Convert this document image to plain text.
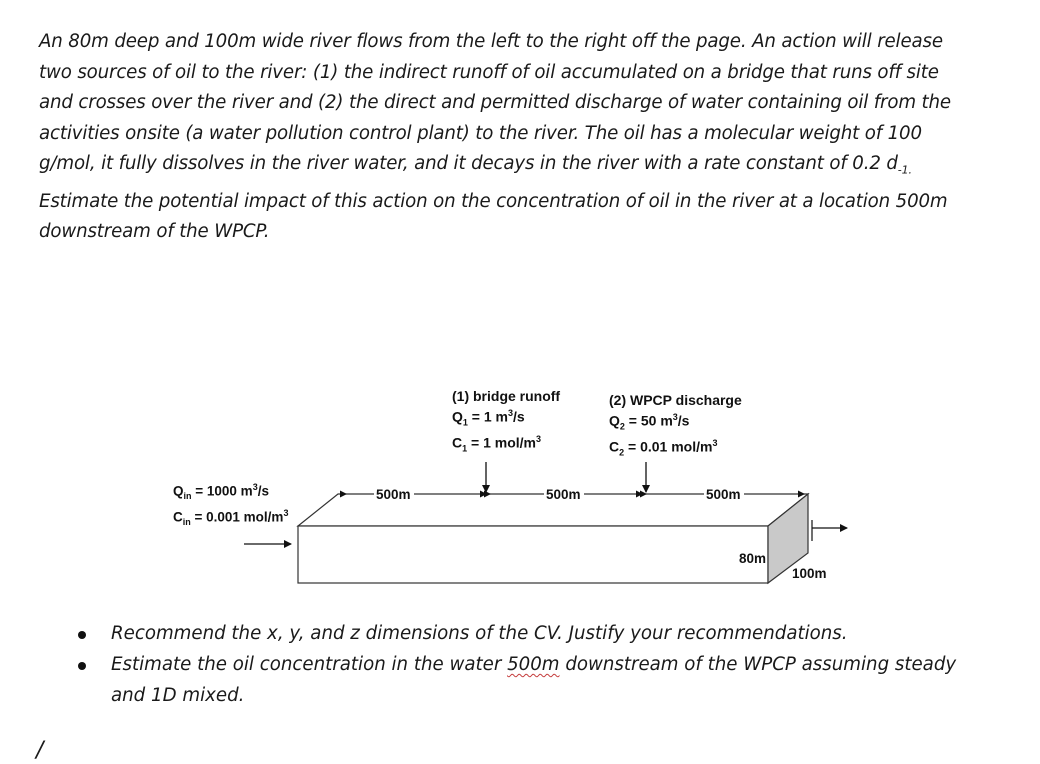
An 80m deep and 100m wide river flows from the left to the right off the page. An action will release
two sources of oil to the river: (1) the indirect runoff of oil accumulated on a bridge that runs off site
and crosses over the river and (2) the direct and permitted discharge of water containing oil from the
activities onsite (a water pollution control plant) to the river. The oil has a molecular weight of 100
g/mol, it fully dissolves in the river water, and it decays in the river with a rate constant of 0.2 $d_{-1.}$
Estimate the potential impact of this action on the concentration of oil in the river at a location 500m
downstream of the WPCP.
500m	500m	500m
80m
100m
$Q_{in} = 1000$ $m^3/s$
$C_{in} = 0.001$ mol/$m^3$
(1) bridge runoff
$Q_1 = 1$ $m^3/s$
$C_1 = 1$ mol/$m^3$
(2) WPCP discharge
$Q_2 = 50$ $m^3/s$
$C_2 = 0.01$ mol/$m^3$
Recommend the x, y, and z dimensions of the CV. Justify your recommendations.
Estimate the oil concentration in the water 500m downstream of the WPCP assuming steady
and 1D mixed.
/
